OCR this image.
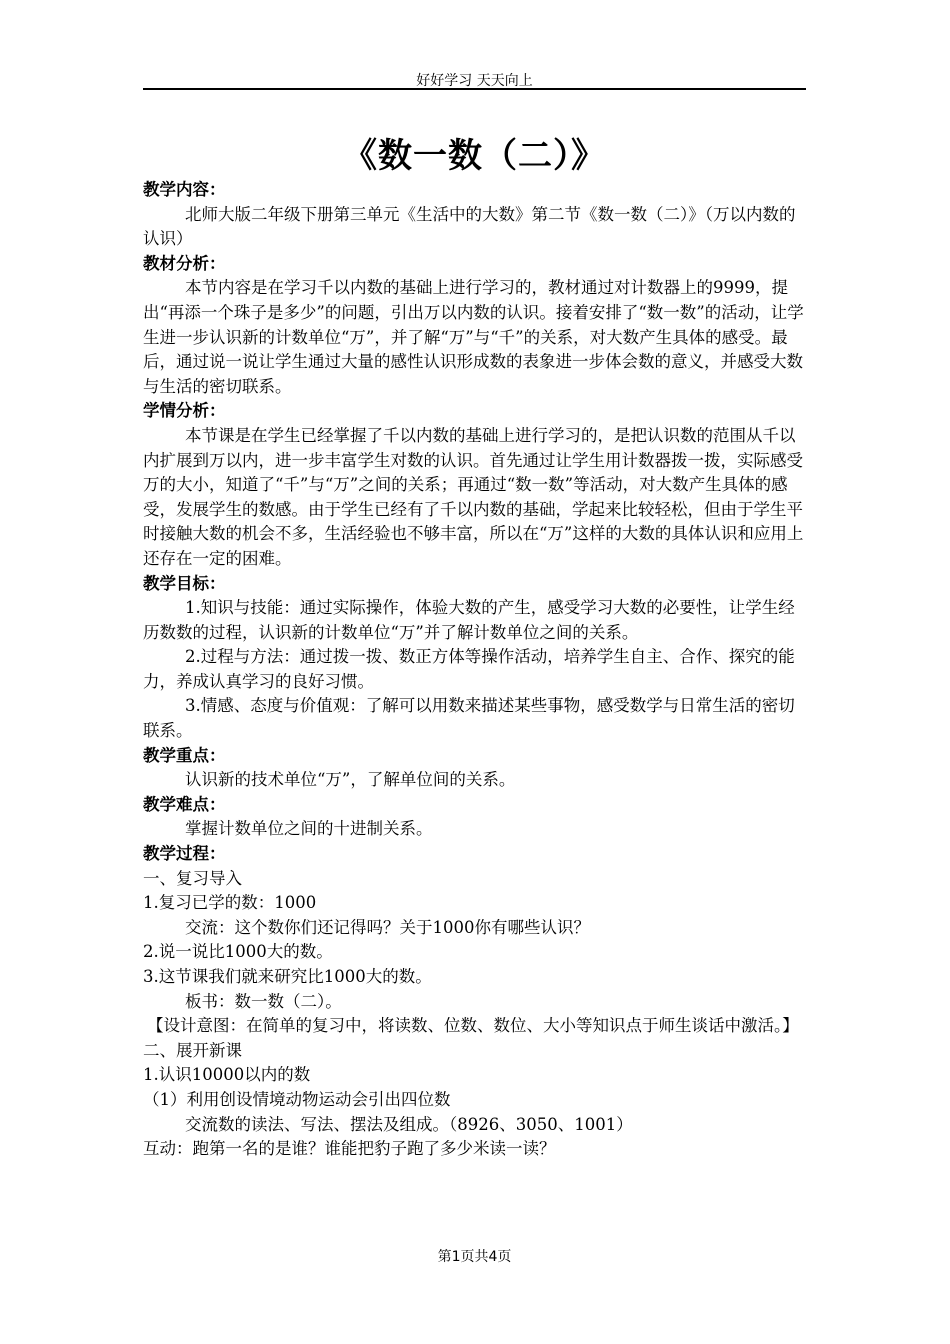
好好学习 天天向上
《数一数（二）》

教学内容：

北师大版二年级下册第三单元《生活中的大数》第二节《数一数（二）》（万以内数的认识）

教材分析：

本节内容是在学习千以内数的基础上进行学习的，教材通过对计数器上的9999，提出“再添一个珠子是多少”的问题，引出万以内数的认识。接着安排了“数一数”的活动，让学生进一步认识新的计数单位“万”，并了解“万”与“千”的关系，对大数产生具体的感受。最后，通过说一说让学生通过大量的感性认识形成数的表象进一步体会数的意义，并感受大数与生活的密切联系。

学情分析：

本节课是在学生已经掌握了千以内数的基础上进行学习的，是把认识数的范围从千以内扩展到万以内，进一步丰富学生对数的认识。首先通过让学生用计数器拨一拨，实际感受万的大小，知道了“千”与“万”之间的关系；再通过“数一数”等活动，对大数产生具体的感受，发展学生的数感。由于学生已经有了千以内数的基础，学起来比较轻松，但由于学生平时接触大数的机会不多，生活经验也不够丰富，所以在“万”这样的大数的具体认识和应用上还存在一定的困难。

教学目标：

1.知识与技能：通过实际操作，体验大数的产生，感受学习大数的必要性，让学生经历数数的过程，认识新的计数单位“万”并了解计数单位之间的关系。

2.过程与方法：通过拨一拨、数正方体等操作活动，培养学生自主、合作、探究的能力，养成认真学习的良好习惯。

3.情感、态度与价值观：了解可以用数来描述某些事物，感受数学与日常生活的密切联系。

教学重点：

认识新的技术单位“万”，了解单位间的关系。

教学难点：

掌握计数单位之间的十进制关系。

教学过程：

一、复习导入

1.复习已学的数：1000

交流：这个数你们还记得吗？关于1000你有哪些认识？

2.说一说比1000大的数。

3.这节课我们就来研究比1000大的数。

板书：数一数（二）。

【设计意图：在简单的复习中，将读数、位数、数位、大小等知识点于师生谈话中激活。】

二、展开新课

1.认识10000以内的数

（1）利用创设情境动物运动会引出四位数

交流数的读法、写法、摆法及组成。（8926、3050、1001）

互动：跑第一名的是谁？谁能把豹子跑了多少米读一读？

第1页共4页
